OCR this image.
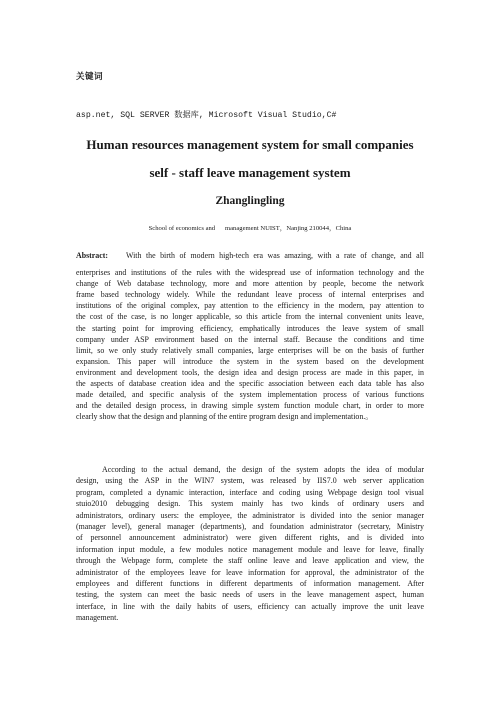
关键词
asp.net, SQL SERVER 数据库, Microsoft Visual Studio,C#
Human resources management system for small companies
self - staff leave management system
Zhanglingling
School of economics and      management NUIST，Nanjing 210044，China
Abstract: With the birth of modern high-tech era was amazing, with a rate of change, and all
enterprises and institutions of the rules with the widespread use of information technology and the
change of Web database technology, more and more attention by people, become the network
frame based technology widely. While the redundant leave process of internal enterprises and
institutions of the original complex, pay attention to the efficiency in the modern, pay attention to
the cost of the case, is no longer applicable, so this article from the internal convenient units leave,
the starting point for improving efficiency, emphatically introduces the leave system of small
company under ASP environment based on the internal staff. Because the conditions and time
limit, so we only study relatively small companies, large enterprises will be on the basis of further
expansion. This paper will introduce the system in the system based on the development
environment and development tools, the design idea and design process are made in this paper, in
the aspects of database creation idea and the specific association between each data table has also
made detailed, and specific analysis of the system implementation process of various functions
and the detailed design process, in drawing simple system function module chart, in order to more
clearly show that the design and planning of the entire program design and implementation.。
According to the actual demand, the design of the system adopts the idea of modular
design, using the ASP in the WIN7 system, was released by IIS7.0 web server application
program, completed a dynamic interaction, interface and coding using Webpage design tool visual
stuio2010 debugging design. This system mainly has two kinds of ordinary users and
administrators, ordinary users: the employee, the administrator is divided into the senior manager
(manager level), general manager (departments), and foundation administrator (secretary, Ministry
of personnel announcement administrator) were given different rights, and is divided into
information input module, a few modules notice management module and leave for leave, finally
through the Webpage form, complete the staff online leave and leave application and view, the
administrator of the employees leave for leave information for approval, the administrator of the
employees and different functions in different departments of information management. After
testing, the system can meet the basic needs of users in the leave management aspect, human
interface, in line with the daily habits of users, efficiency can actually improve the unit leave
management.
